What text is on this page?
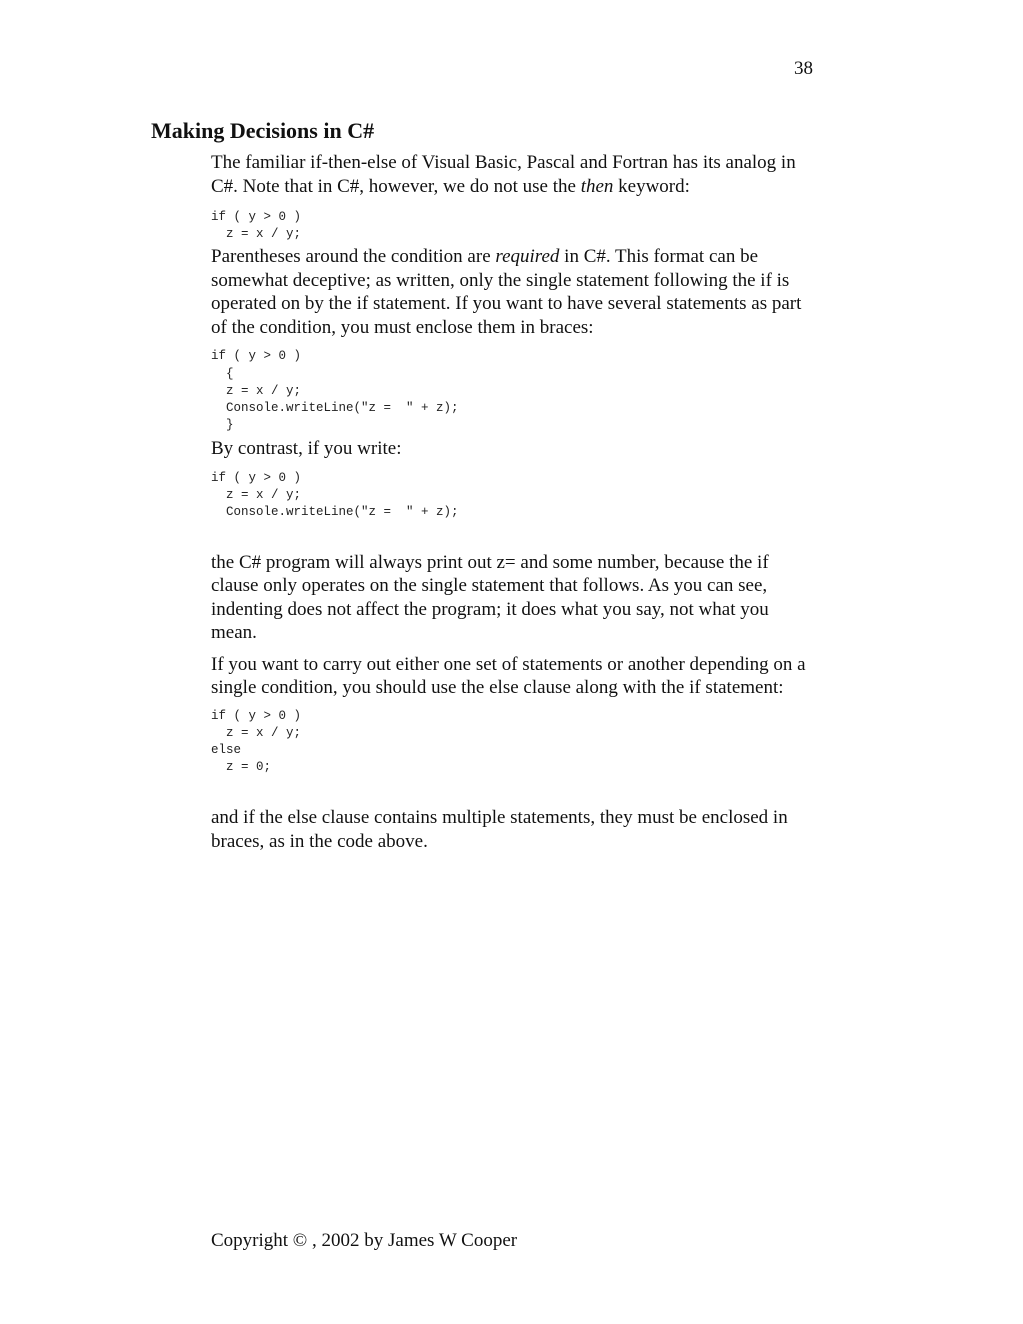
38
Making Decisions in C#

The familiar if-then-else of Visual Basic, Pascal and Fortran has its analog in C#. Note that in C#, however, we do not use the then keyword:

if ( y > 0 )
z = x / y;

Parentheses around the condition are required in C#. This format can be somewhat deceptive; as written, only the single statement following the if is operated on by the if statement. If you want to have several statements as part of the condition, you must enclose them in braces:

if ( y > 0 )
{
z = x / y;
Console.writeLine("z =  " + z);
}

By contrast, if you write:

if ( y > 0 )
z = x / y;
Console.writeLine("z =  " + z);

the C# program will always print out z= and some number, because the if clause only operates on the single statement that follows. As you can see, indenting does not affect the program; it does what you say, not what you mean.

If you want to carry out either one set of statements or another depending on a single condition, you should use the else clause along with the if statement:

if ( y > 0 )
z = x / y;
else
z = 0;

and if the else clause contains multiple statements, they must be enclosed in braces, as in the code above.

Copyright © , 2002 by James W Cooper
